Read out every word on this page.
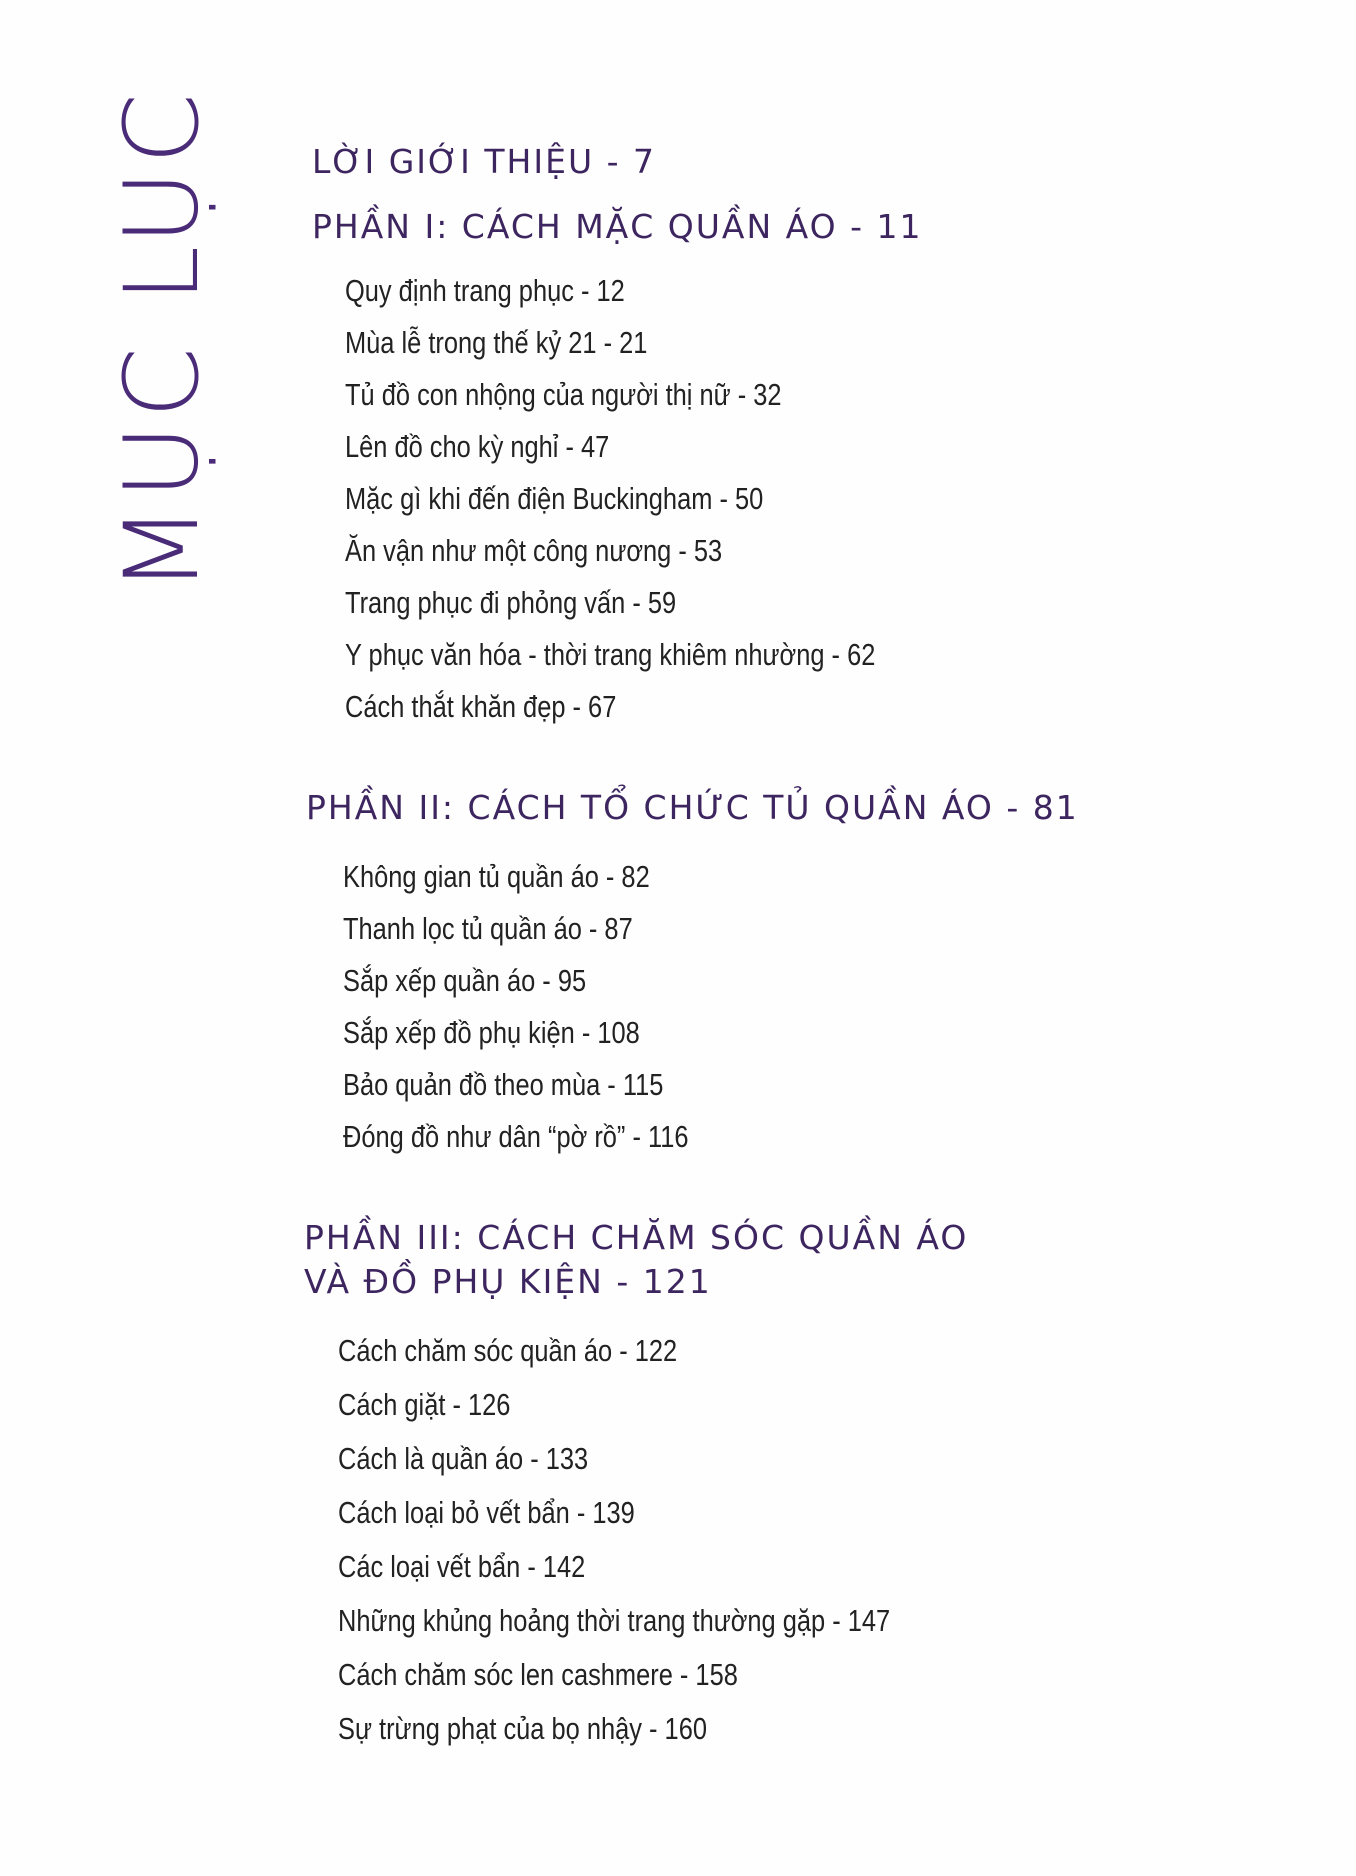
MỤC LỤC	LỜI GIỚI THIỆU - 7
PHẦN I: CÁCH MẶC QUẦN ÁO - 11
Quy định trang phục - 12
Mùa lễ trong thế kỷ 21 - 21
Tủ đồ con nhộng của người thị nữ - 32
Lên đồ cho kỳ nghỉ - 47
Mặc gì khi đến điện Buckingham - 50
Ăn vận như một công nương - 53
Trang phục đi phỏng vấn - 59
Y phục văn hóa - thời trang khiêm nhường - 62
Cách thắt khăn đẹp - 67
PHẦN II: CÁCH TỔ CHỨC TỦ QUẦN ÁO - 81
Không gian tủ quần áo - 82
Thanh lọc tủ quần áo - 87
Sắp xếp quần áo - 95
Sắp xếp đồ phụ kiện - 108
Bảo quản đồ theo mùa - 115
Đóng đồ như dân “pờ rồ” - 116
PHẦN III: CÁCH CHĂM SÓC QUẦN ÁO
VÀ ĐỒ PHỤ KIỆN - 121
Cách chăm sóc quần áo - 122
Cách giặt - 126
Cách là quần áo - 133
Cách loại bỏ vết bẩn - 139
Các loại vết bẩn - 142
Những khủng hoảng thời trang thường gặp - 147
Cách chăm sóc len cashmere - 158
Sự trừng phạt của bọ nhậy - 160
